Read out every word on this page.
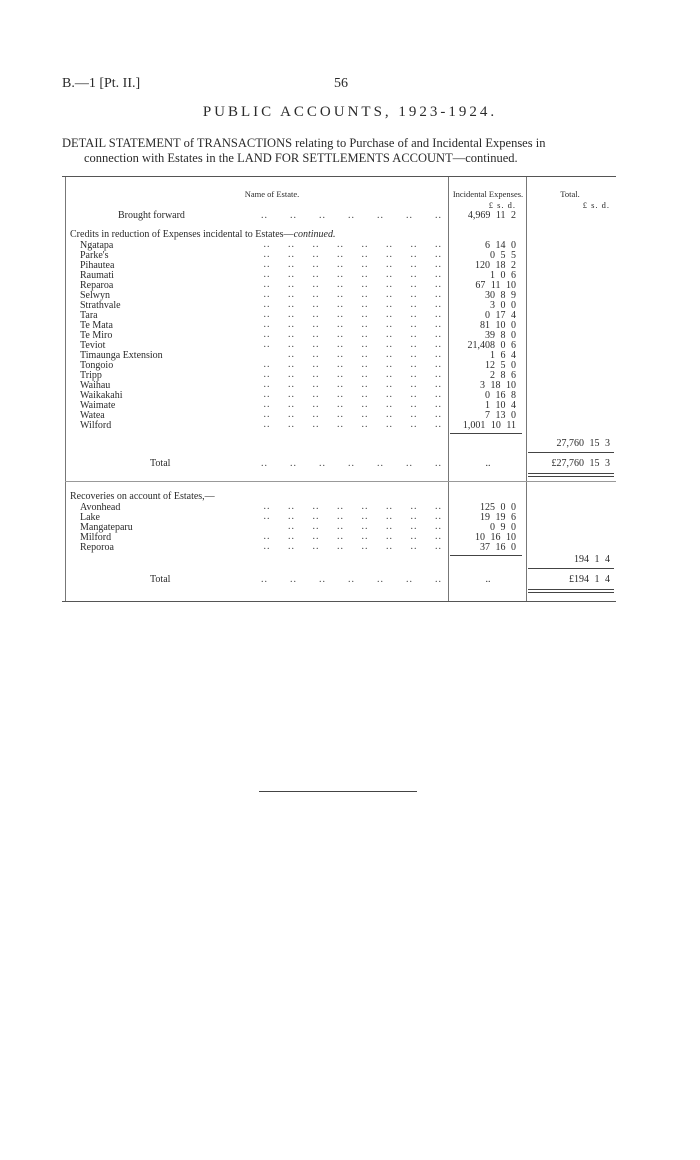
B.—1 [Pt. II.]	56
PUBLIC ACCOUNTS, 1923-1924.
DETAIL STATEMENT of TRANSACTIONS relating to Purchase of and Incidental Expenses in
connection with Estates in the LAND FOR SETTLEMENTS ACCOUNT—continued.
Name of Estate.	Incidental Expenses.	Total.
£ s. d.	£ s. d.
Brought forward	..  ..  ..  ..  ..  ..  ..	4,969 11 2
Credits in reduction of Expenses incidental to Estates—continued.
Ngatapa	6 14 0
Parke's	0 5 5
Pihautea	120 18 2
Raumati	1 0 6
Reparoa	67 11 10
Selwyn	30 8 9
Strathvale	3 0 0
Tara	0 17 4
Te Mata	81 10 0
Te Miro	39 8 0
Teviot	21,408 0 6
Timaunga Extension	1 6 4
Tongoio	12 5 0
Tripp	2 8 6
Waihau	3 18 10
Waikakahi	0 16 8
Waimate	1 10 4
Watea	7 13 0
Wilford	1,001 10 11
..     ..     ..     ..     ..     ..     ..     ..
..     ..     ..     ..     ..     ..     ..     ..
..     ..     ..     ..     ..     ..     ..     ..
..     ..     ..     ..     ..     ..     ..     ..
..     ..     ..     ..     ..     ..     ..     ..
..     ..     ..     ..     ..     ..     ..     ..
..     ..     ..     ..     ..     ..     ..     ..
..     ..     ..     ..     ..     ..     ..     ..
..     ..     ..     ..     ..     ..     ..     ..
..     ..     ..     ..     ..     ..     ..     ..
..     ..     ..     ..     ..     ..     ..     ..
..     ..     ..     ..     ..     ..     ..
..     ..     ..     ..     ..     ..     ..     ..
..     ..     ..     ..     ..     ..     ..     ..
..     ..     ..     ..     ..     ..     ..     ..
..     ..     ..     ..     ..     ..     ..     ..
..     ..     ..     ..     ..     ..     ..     ..
..     ..     ..     ..     ..     ..     ..     ..
..     ..     ..     ..     ..     ..     ..     ..
27,760 15 3
Total	..  ..  ..  ..  ..  ..  ..	..	£27,760 15 3
Recoveries on account of Estates,—
Avonhead	125 0 0
Lake	19 19 6
Mangateparu	0 9 0
Milford	10 16 10
Reporoa	37 16 0
..     ..     ..     ..     ..     ..     ..     ..
..     ..     ..     ..     ..     ..     ..     ..
..     ..     ..     ..     ..     ..     ..
..     ..     ..     ..     ..     ..     ..     ..
..     ..     ..     ..     ..     ..     ..     ..
194 1 4
Total	..  ..  ..  ..  ..  ..  ..	..	£194 1 4
